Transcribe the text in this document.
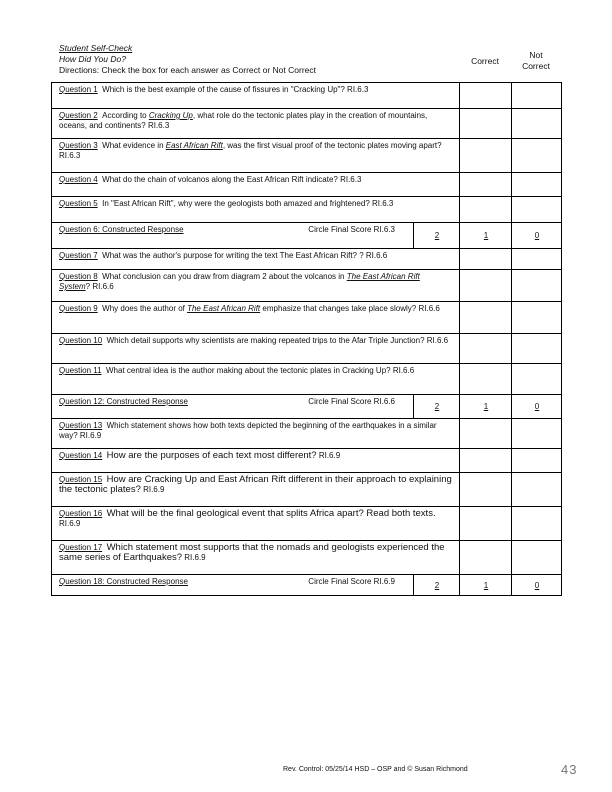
Student Self-Check
How Did You Do?
Directions: Check the box for each answer as Correct or Not Correct
Correct
Not
Correct
Question 1 Which is the best example of the cause of fissures in "Cracking Up"? RI.6.3			
Question 2 According to Cracking Up, what role do the tectonic plates play in the creation of mountains, oceans, and continents? RI.6.3			
Question 3 What evidence in East African Rift, was the first visual proof of the tectonic plates moving apart? RI.6.3			
Question 4 What do the chain of volcanos along the East African Rift indicate? RI.6.3			
Question 5 In "East African Rift", why were the geologists both amazed and frightened? RI.6.3			

Question 6: Constructed Response Circle Final Score RI.6.3	2	1	0
Question 7 What was the author's purpose for writing the text The East African Rift? ? RI.6.6			
Question 8 What conclusion can you draw from diagram 2 about the volcanos in The East African Rift System? RI.6.6			
Question 9 Why does the author of The East African Rift emphasize that changes take place slowly? RI.6.6			
Question 10 Which detail supports why scientists are making repeated trips to the Afar Triple Junction? RI.6.6			
Question 11 What central idea is the author making about the tectonic plates in Cracking Up? RI.6.6			

Question 12: Constructed Response Circle Final Score RI.6.6	2	1	0
Question 13 Which statement shows how both texts depicted the beginning of the earthquakes in a similar way? RI.6.9			
Question 14 How are the purposes of each text most different? RI.6.9			
Question 15 How are Cracking Up and East African Rift different in their approach to explaining the tectonic plates? RI.6.9			
Question 16 What will be the final geological event that splits Africa apart? Read both texts. RI.6.9			
Question 17 Which statement most supports that the nomads and geologists experienced the same series of Earthquakes? RI.6.9			

Question 18: Constructed Response Circle Final Score RI.6.9	2	1	0
Rev. Control: 05/25/14 HSD – OSP and © Susan Richmond	43
